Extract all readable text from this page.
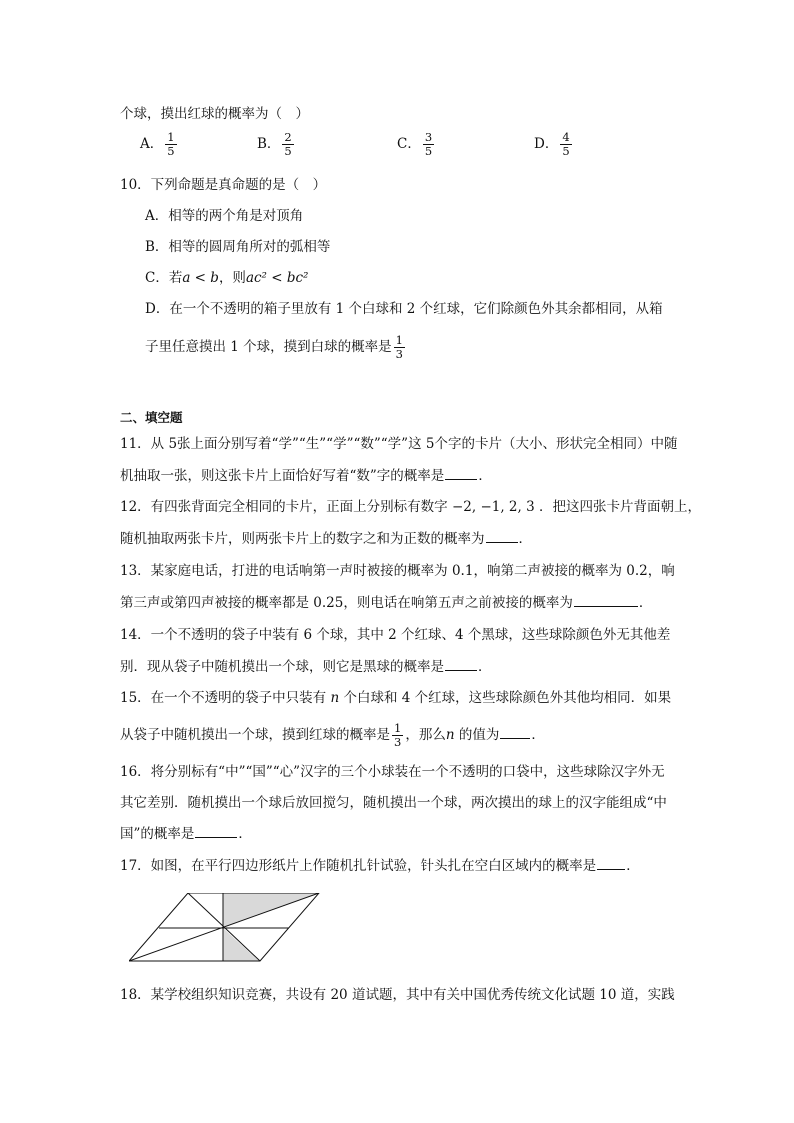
个球，摸出红球的概率为（　）
A． $\frac{1}{5}$	B． $\frac{2}{5}$	C． $\frac{3}{5}$	D． $\frac{4}{5}$
10．下列命题是真命题的是（　）
A．相等的两个角是对顶角
B．相等的圆周角所对的弧相等
C．若a < b，则ac² < bc²
D．在一个不透明的箱子里放有 1 个白球和 2 个红球，它们除颜色外其余都相同，从箱
子里任意摸出 1 个球，摸到白球的概率是 $\frac{1}{3}$
二、填空题
11．从 5张上面分别写着“学”“生”“学”“数”“学”这 5个字的卡片（大小、形状完全相同）中随
机抽取一张，则这张卡片上面恰好写着“数”字的概率是	．
12．有四张背面完全相同的卡片，正面上分别标有数字 −2, −1, 2, 3 ．把这四张卡片背面朝上，
随机抽取两张卡片，则两张卡片上的数字之和为正数的概率为	．
13．某家庭电话，打进的电话响第一声时被接的概率为 0.1，响第二声被接的概率为 0.2，响
第三声或第四声被接的概率都是 0.25，则电话在响第五声之前被接的概率为	．
14．一个不透明的袋子中装有 6 个球，其中 2 个红球、4 个黑球，这些球除颜色外无其他差
别．现从袋子中随机摸出一个球，则它是黑球的概率是	．
15．在一个不透明的袋子中只装有 n 个白球和 4 个红球，这些球除颜色外其他均相同．如果
从袋子中随机摸出一个球，摸到红球的概率是 $\frac{1}{3}$ ，那么n 的值为 ．
16．将分别标有“中”“国”“心”汉字的三个小球装在一个不透明的口袋中，这些球除汉字外无
其它差别．随机摸出一个球后放回搅匀，随机摸出一个球，两次摸出的球上的汉字能组成“中
国”的概率是	．
17．如图，在平行四边形纸片上作随机扎针试验，针头扎在空白区域内的概率是 ．
18．某学校组织知识竞赛，共设有 20 道试题，其中有关中国优秀传统文化试题 10 道，实践
